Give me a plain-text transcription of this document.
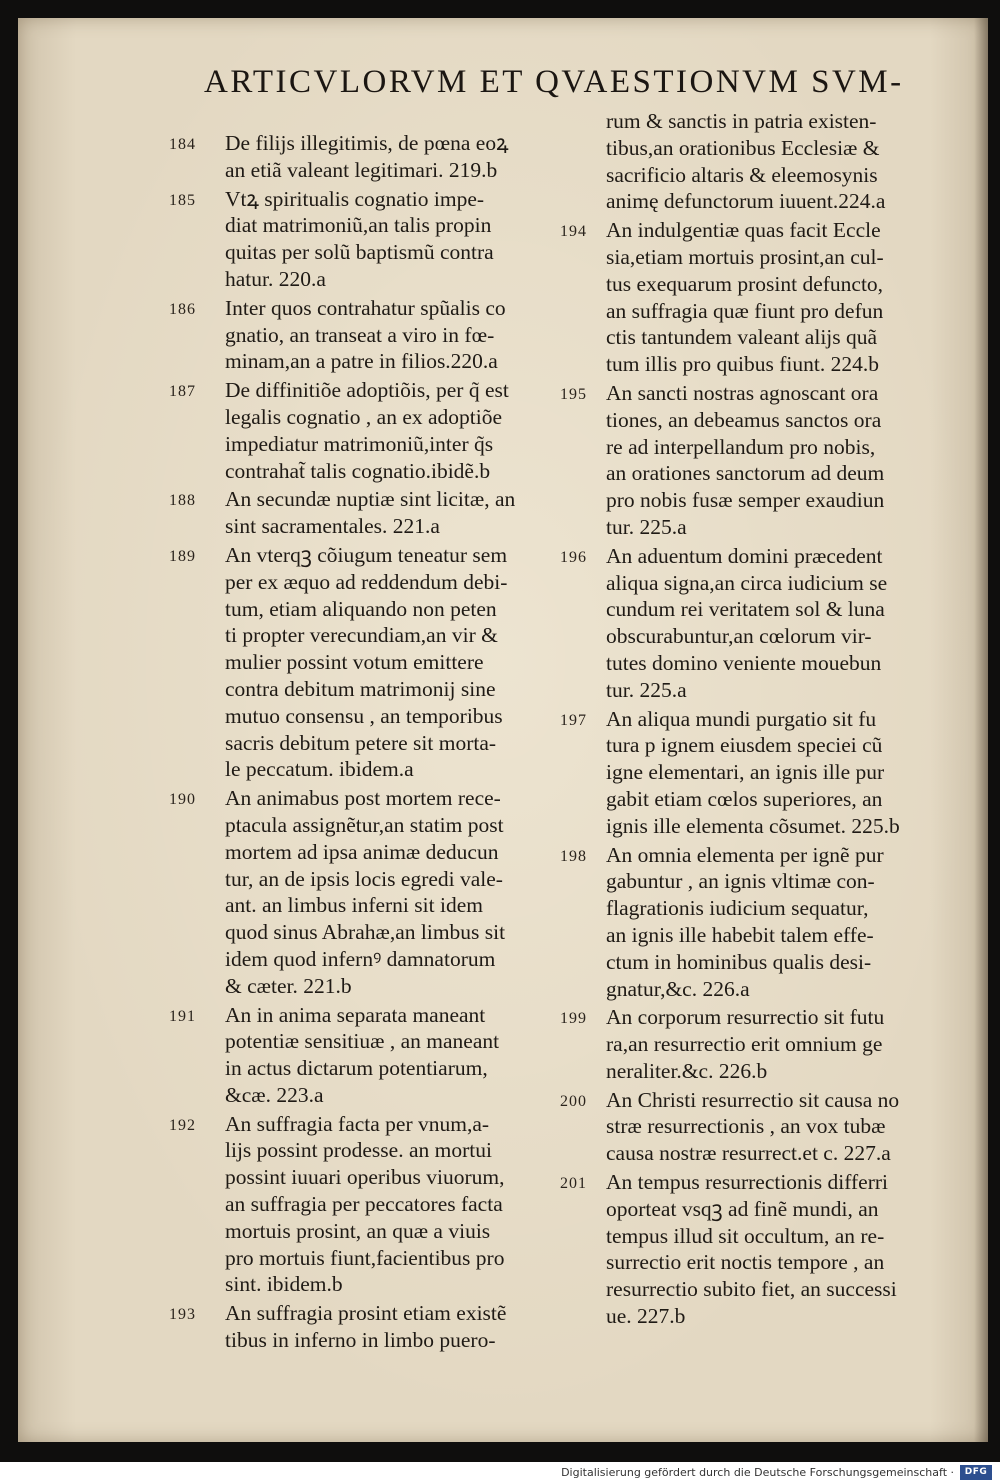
ARTICVLORVM ET QVAESTIONVM SVM-
184 De filijs illegitimis, de pœna eoꝝ
an etiã valeant legitimari. 219.b
185 Vtꝝ spiritualis cognatio impe-
diat matrimoniũ,an talis propin
quitas per solũ baptismũ contra
hatur. 220.a
186 Inter quos contrahatur spũalis co
gnatio, an transeat a viro in fœ-
minam,an a patre in filios.220.a
187 De diffinitiõe adoptiõis, per q̃ est
legalis cognatio , an ex adoptiõe
impediatur matrimoniũ,inter q̃s
contrahat̃ talis cognatio.ibidẽ.b
188 An secundæ nuptiæ sint licitæ, an
sint sacramentales. 221.a
189 An vterqꝫ cõiugum teneatur sem
per ex æquo ad reddendum debi-
tum, etiam aliquando non peten
ti propter verecundiam,an vir &
mulier possint votum emittere
contra debitum matrimonij sine
mutuo consensu , an temporibus
sacris debitum petere sit morta-
le peccatum. ibidem.a
190 An animabus post mortem rece-
ptacula assignẽtur,an statim post
mortem ad ipsa animæ deducun
tur, an de ipsis locis egredi vale-
ant. an limbus inferni sit idem
quod sinus Abrahæ,an limbus sit
idem quod infernꝰ damnatorum
& cæter. 221.b
191 An in anima separata maneant
potentiæ sensitiuæ , an maneant
in actus dictarum potentiarum,
&cæ. 223.a
192 An suffragia facta per vnum,a-
lijs possint prodesse. an mortui
possint iuuari operibus viuorum,
an suffragia per peccatores facta
mortuis prosint, an quæ a viuis
pro mortuis fiunt,facientibus pro
sint. ibidem.b
193 An suffragia prosint etiam existẽ
tibus in inferno in limbo puero-
rum & sanctis in patria existen-
tibus,an orationibus Ecclesiæ &
sacrificio altaris & eleemosynis
animę defunctorum iuuent.224.a
194 An indulgentiæ quas facit Eccle
sia,etiam mortuis prosint,an cul-
tus exequarum prosint defuncto,
an suffragia quæ fiunt pro defun
ctis tantundem valeant alijs quã
tum illis pro quibus fiunt. 224.b
195 An sancti nostras agnoscant ora
tiones, an debeamus sanctos ora
re ad interpellandum pro nobis,
an orationes sanctorum ad deum
pro nobis fusæ semper exaudiun
tur. 225.a
196 An aduentum domini præcedent
aliqua signa,an circa iudicium se
cundum rei veritatem sol & luna
obscurabuntur,an cœlorum vir-
tutes domino veniente mouebun
tur. 225.a
197 An aliqua mundi purgatio sit fu
tura p ignem eiusdem speciei cũ
igne elementari, an ignis ille pur
gabit etiam cœlos superiores, an
ignis ille elementa cõsumet. 225.b
198 An omnia elementa per ignẽ pur
gabuntur , an ignis vltimæ con-
flagrationis iudicium sequatur,
an ignis ille habebit talem effe-
ctum in hominibus qualis desi-
gnatur,&c. 226.a
199 An corporum resurrectio sit futu
ra,an resurrectio erit omnium ge
neraliter.&c. 226.b
200 An Christi resurrectio sit causa no
stræ resurrectionis , an vox tubæ
causa nostræ resurrect.et c. 227.a
201 An tempus resurrectionis differri
oporteat vsqꝫ ad finẽ mundi, an
tempus illud sit occultum, an re-
surrectio erit noctis tempore , an
resurrectio subito fiet, an successi
ue. 227.b
Digitalisierung gefördert durch die Deutsche Forschungsgemeinschaft ·	DFG
